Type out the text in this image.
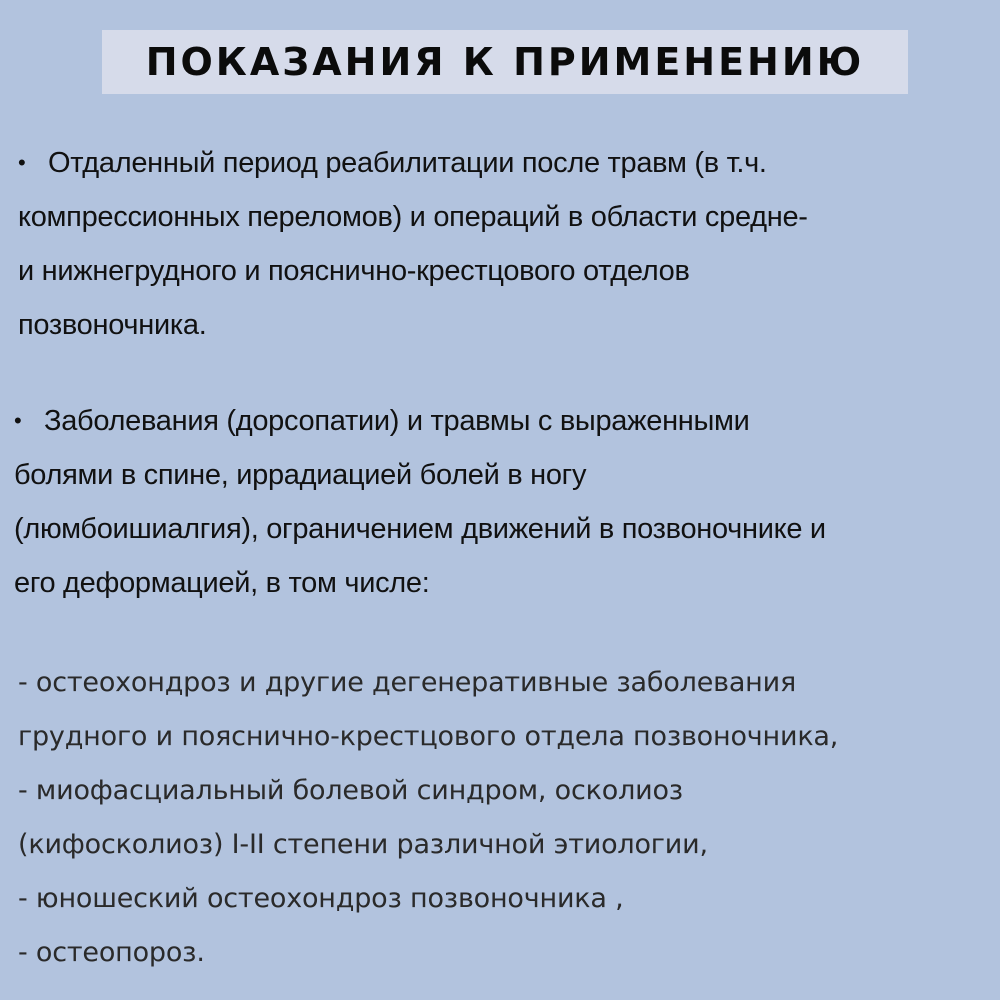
ПОКАЗАНИЯ К ПРИМЕНЕНИЮ
• Отдаленный период реабилитации после травм (в т.ч.
компрессионных переломов) и операций в области средне-
и нижнегрудного и пояснично-крестцового отделов
позвоночника.
• Заболевания (дорсопатии) и травмы с выраженными
болями в спине, иррадиацией болей в ногу
(люмбоишиалгия), ограничением движений в позвоночнике и
его деформацией, в том числе:
- остеохондроз и другие дегенеративные заболевания
грудного и пояснично-крестцового отдела позвоночника,
- миофасциальный болевой синдром, осколиоз
(кифосколиоз) I-II степени различной этиологии,
- юношеский остеохондроз позвоночника ,
- остеопороз.
